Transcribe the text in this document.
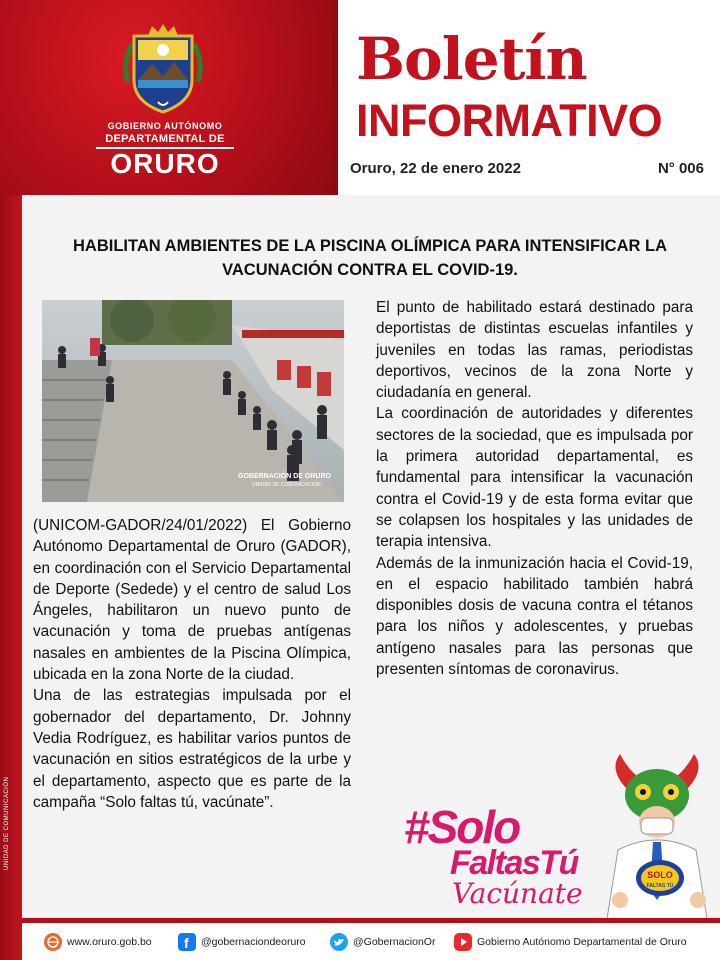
UNIDAD DE COMUNICACIÓN
GOBIERNO AUTÓNOMO
DEPARTAMENTAL DE
ORURO
Boletín
INFORMATIVO
Oruro, 22 de enero 2022	N° 006
HABILITAN AMBIENTES DE LA PISCINA OLÍMPICA PARA INTENSIFICAR LA
VACUNACIÓN CONTRA EL COVID-19.
GOBERNACIÓN DE ORURO
UNIDAD DE COMUNICACIÓN

(UNICOM-GADOR/24/01/2022) El Gobierno Autónomo Departamental de Oruro (GADOR), en coordinación con el Servicio Departamental de Deporte (Sedede) y el centro de salud Los Ángeles, habilitaron un nuevo punto de vacunación y toma de pruebas antígenas nasales en ambientes de la Piscina Olímpica, ubicada en la zona Norte de la ciudad.

Una de las estrategias impulsada por el gobernador del departamento, Dr. Johnny Vedia Rodríguez, es habilitar varios puntos de vacunación en sitios estratégicos de la urbe y el departamento, aspecto que es parte de la campaña “Solo faltas tú, vacúnate”.

El punto de habilitado estará destinado para deportistas de distintas escuelas infantiles y juveniles en todas las ramas, periodistas deportivos, vecinos de la zona Norte y ciudadanía en general.

La coordinación de autoridades y diferentes sectores de la sociedad, que es impulsada por la primera autoridad departamental, es fundamental para intensificar la vacunación contra el Covid-19 y de esta forma evitar que se colapsen los hospitales y las unidades de terapia intensiva.

Además de la inmunización hacia el Covid-19, en el espacio habilitado también habrá disponibles dosis de vacuna contra el tétanos para los niños y adolescentes, y pruebas antígeno nasales para las personas que presenten síntomas de coronavirus.

#Solo
FaltasTú
Vacúnate
SOLO
FALTAS TÚ
www.oruro.gob.bo f @gobernaciondeoruro	@GobernacionOr	Gobierno Autónomo Departamental de Oruro
